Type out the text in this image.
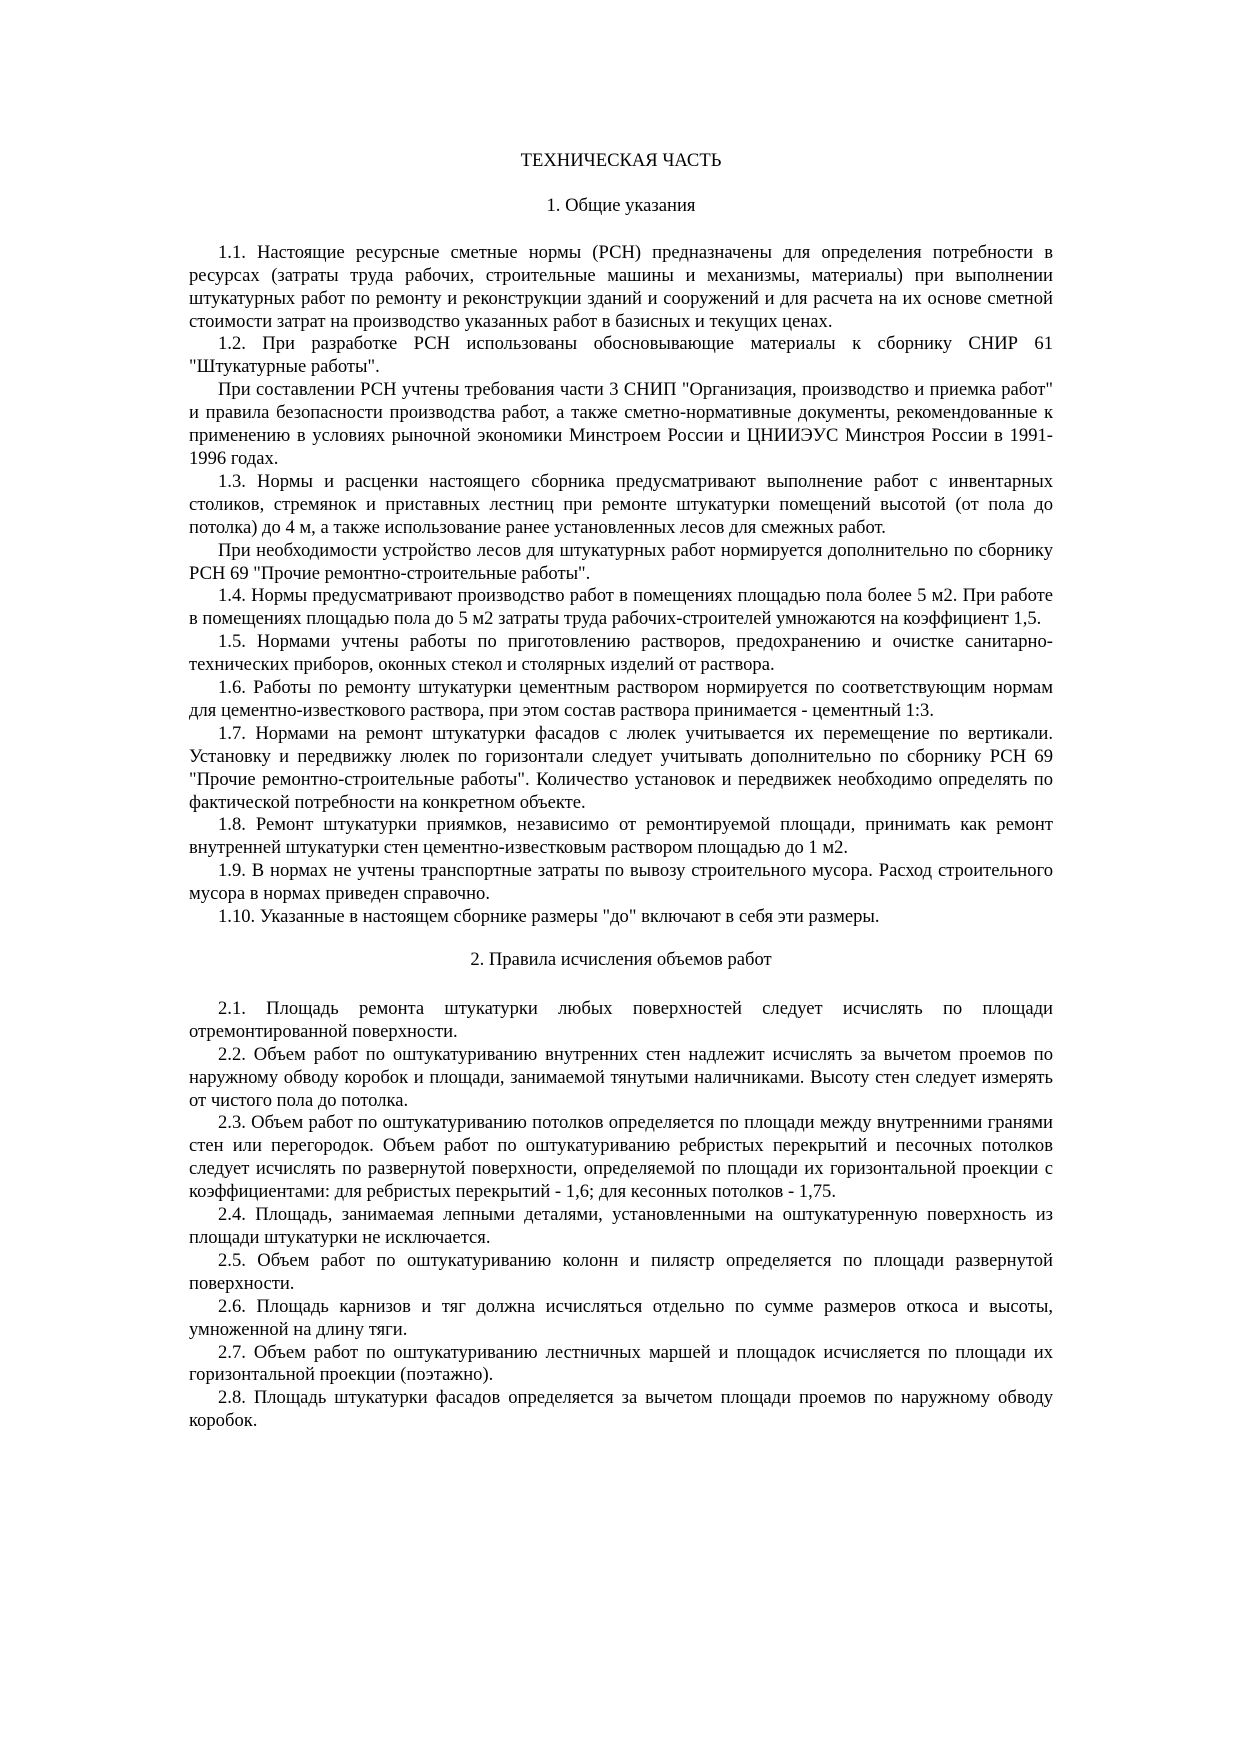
ТЕХНИЧЕСКАЯ ЧАСТЬ

1. Общие указания

1.1. Настоящие ресурсные сметные нормы (РСН) предназначены для определения потребности в ресурсах (затраты труда рабочих, строительные машины и механизмы, материалы) при выполнении штукатурных работ по ремонту и реконструкции зданий и сооружений и для расчета на их основе сметной стоимости затрат на производство указанных работ в базисных и текущих ценах.

1.2. При разработке РСН использованы обосновывающие материалы к сборнику СНИР 61 "Штукатурные работы".

При составлении РСН учтены требования части 3 СНИП "Организация, производство и приемка работ" и правила безопасности производства работ, а также сметно-нормативные документы, рекомендованные к применению в условиях рыночной экономики Минстроем России и ЦНИИЭУС Минстроя России в 1991-1996 годах.

1.3. Нормы и расценки настоящего сборника предусматривают выполнение работ с инвентарных столиков, стремянок и приставных лестниц при ремонте штукатурки помещений высотой (от пола до потолка) до 4 м, а также использование ранее установленных лесов для смежных работ.

При необходимости устройство лесов для штукатурных работ нормируется дополнительно по сборнику РСН 69 "Прочие ремонтно-строительные работы".

1.4. Нормы предусматривают производство работ в помещениях площадью пола более 5 м2. При работе в помещениях площадью пола до 5 м2 затраты труда рабочих-строителей умножаются на коэффициент 1,5.

1.5. Нормами учтены работы по приготовлению растворов, предохранению и очистке санитарно-технических приборов, оконных стекол и столярных изделий от раствора.

1.6. Работы по ремонту штукатурки цементным раствором нормируется по соответствующим нормам для цементно-известкового раствора, при этом состав раствора принимается - цементный 1:3.

1.7. Нормами на ремонт штукатурки фасадов с люлек учитывается их перемещение по вертикали. Установку и передвижку люлек по горизонтали следует учитывать дополнительно по сборнику РСН 69 "Прочие ремонтно-строительные работы". Количество установок и передвижек необходимо определять по фактической потребности на конкретном объекте.

1.8. Ремонт штукатурки приямков, независимо от ремонтируемой площади, принимать как ремонт внутренней штукатурки стен цементно-известковым раствором площадью до 1 м2.

1.9. В нормах не учтены транспортные затраты по вывозу строительного мусора. Расход строительного мусора в нормах приведен справочно.

1.10. Указанные в настоящем сборнике размеры "до" включают в себя эти размеры.

2. Правила исчисления объемов работ

2.1. Площадь ремонта штукатурки любых поверхностей следует исчислять по площади отремонтированной поверхности.

2.2. Объем работ по оштукатуриванию внутренних стен надлежит исчислять за вычетом проемов по наружному обводу коробок и площади, занимаемой тянутыми наличниками. Высоту стен следует измерять от чистого пола до потолка.

2.3. Объем работ по оштукатуриванию потолков определяется по площади между внутренними гранями стен или перегородок. Объем работ по оштукатуриванию ребристых перекрытий и песочных потолков следует исчислять по развернутой поверхности, определяемой по площади их горизонтальной проекции с коэффициентами: для ребристых перекрытий - 1,6; для кесонных потолков - 1,75.

2.4. Площадь, занимаемая лепными деталями, установленными на оштукатуренную поверхность из площади штукатурки не исключается.

2.5. Объем работ по оштукатуриванию колонн и пилястр определяется по площади развернутой поверхности.

2.6. Площадь карнизов и тяг должна исчисляться отдельно по сумме размеров откоса и высоты, умноженной на длину тяги.

2.7. Объем работ по оштукатуриванию лестничных маршей и площадок исчисляется по площади их горизонтальной проекции (поэтажно).

2.8. Площадь штукатурки фасадов определяется за вычетом площади проемов по наружному обводу коробок.
